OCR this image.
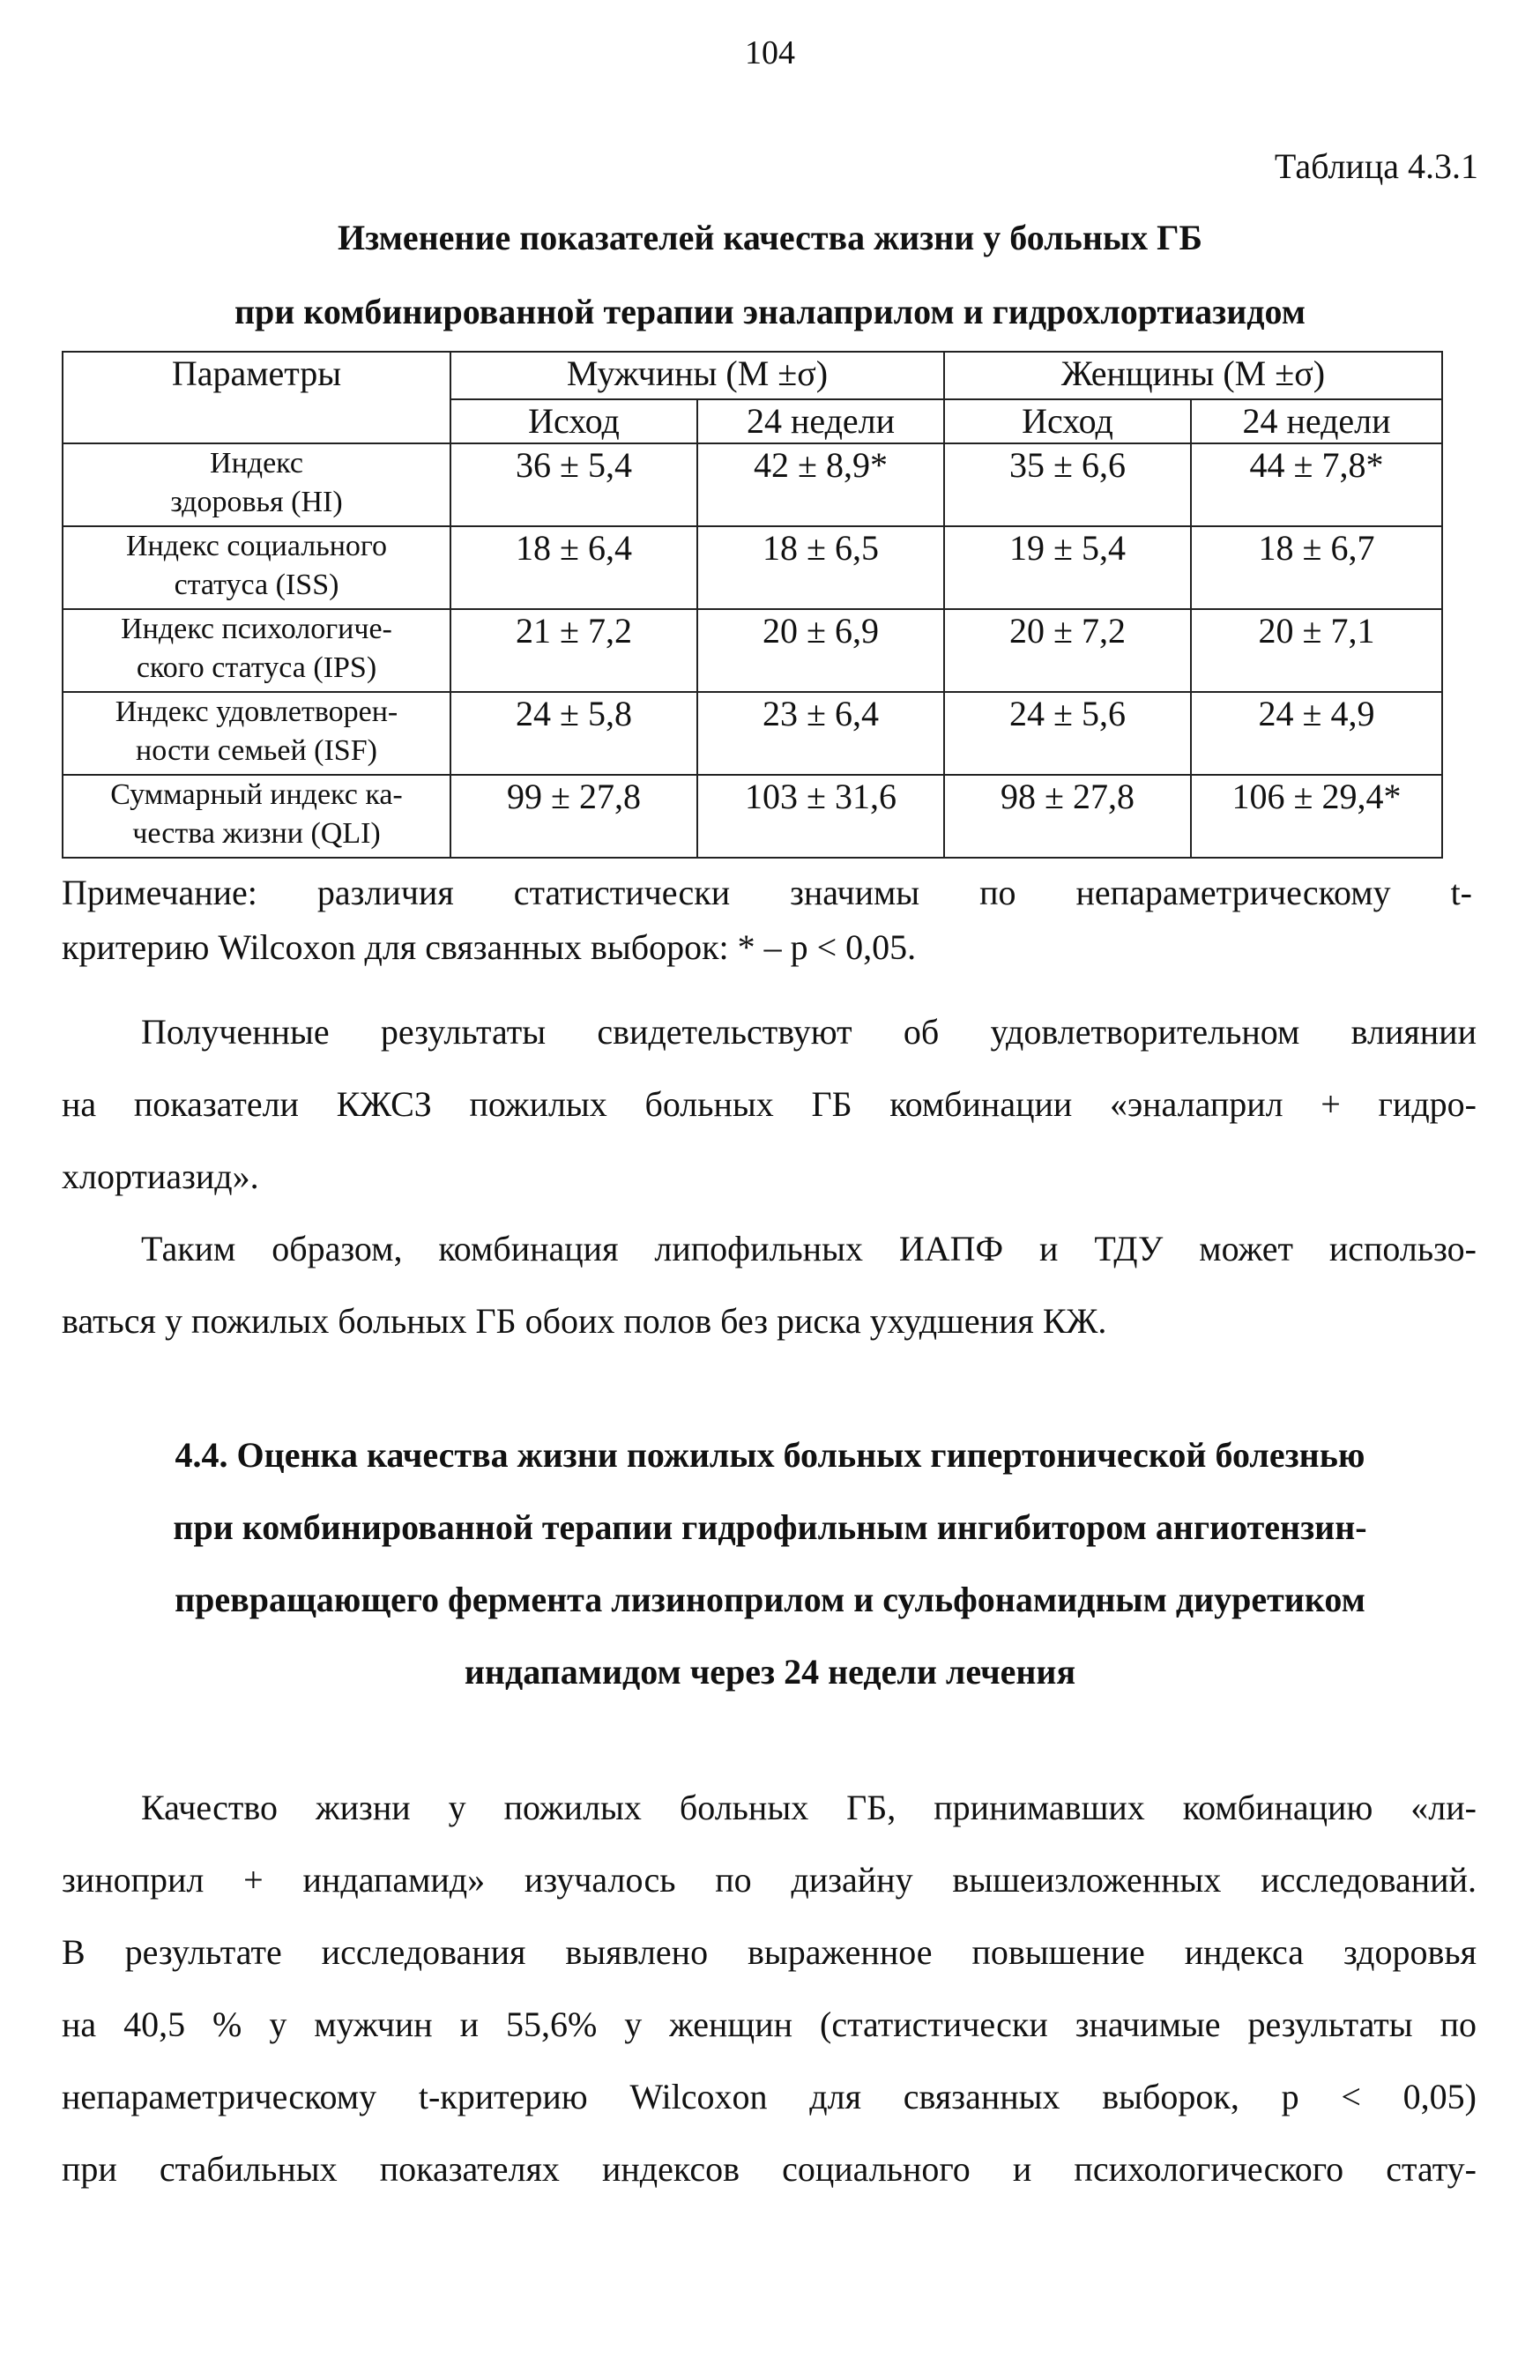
104
Таблица 4.3.1
Изменение показателей качества жизни у больных ГБ
при комбинированной терапии эналаприлом и гидрохлортиазидом
Параметры	Мужчины (М ±σ)		Женщины (М ±σ)	
	Исход	24 недели	Исход	24 недели

Индекс
здоровья (HI)	36 ± 5,4	42 ± 8,9*	35 ± 6,6	44 ± 7,8*

Индекс социального
статуса (ISS)	18 ± 6,4	18 ± 6,5	19 ± 5,4	18 ± 6,7

Индекс психологиче-
ского статуса (IPS)	21 ± 7,2	20 ± 6,9	20 ± 7,2	20 ± 7,1

Индекс удовлетворен-
ности семьей (ISF)	24 ± 5,8	23 ± 6,4	24 ± 5,6	24 ± 4,9

Суммарный индекс ка-
чества жизни (QLI)	99 ± 27,8	103 ± 31,6	98 ± 27,8	106 ± 29,4*
Примечание: различия статистически значимы по непараметрическому t-
критерию Wilcoxon для связанных выборок: * – р < 0,05.
Полученные результаты свидетельствуют об удовлетворительном влиянии
на показатели КЖСЗ пожилых больных ГБ комбинации «эналаприл + гидро-
хлортиазид».
Таким образом, комбинация липофильных ИАПФ и ТДУ может использо-
ваться у пожилых больных ГБ обоих полов без риска ухудшения КЖ.
4.4. Оценка качества жизни пожилых больных гипертонической болезнью
при комбинированной терапии гидрофильным ингибитором ангиотензин-
превращающего фермента лизиноприлом и сульфонамидным диуретиком
индапамидом через 24 недели лечения
Качество жизни у пожилых больных ГБ, принимавших комбинацию «ли-
зиноприл + индапамид» изучалось по дизайну вышеизложенных исследований.
В результате исследования выявлено выраженное повышение индекса здоровья
на 40,5 % у мужчин и 55,6% у женщин (статистически значимые результаты по
непараметрическому t-критерию Wilcoxon для связанных выборок, р < 0,05)
при стабильных показателях индексов социального и психологического стату-
